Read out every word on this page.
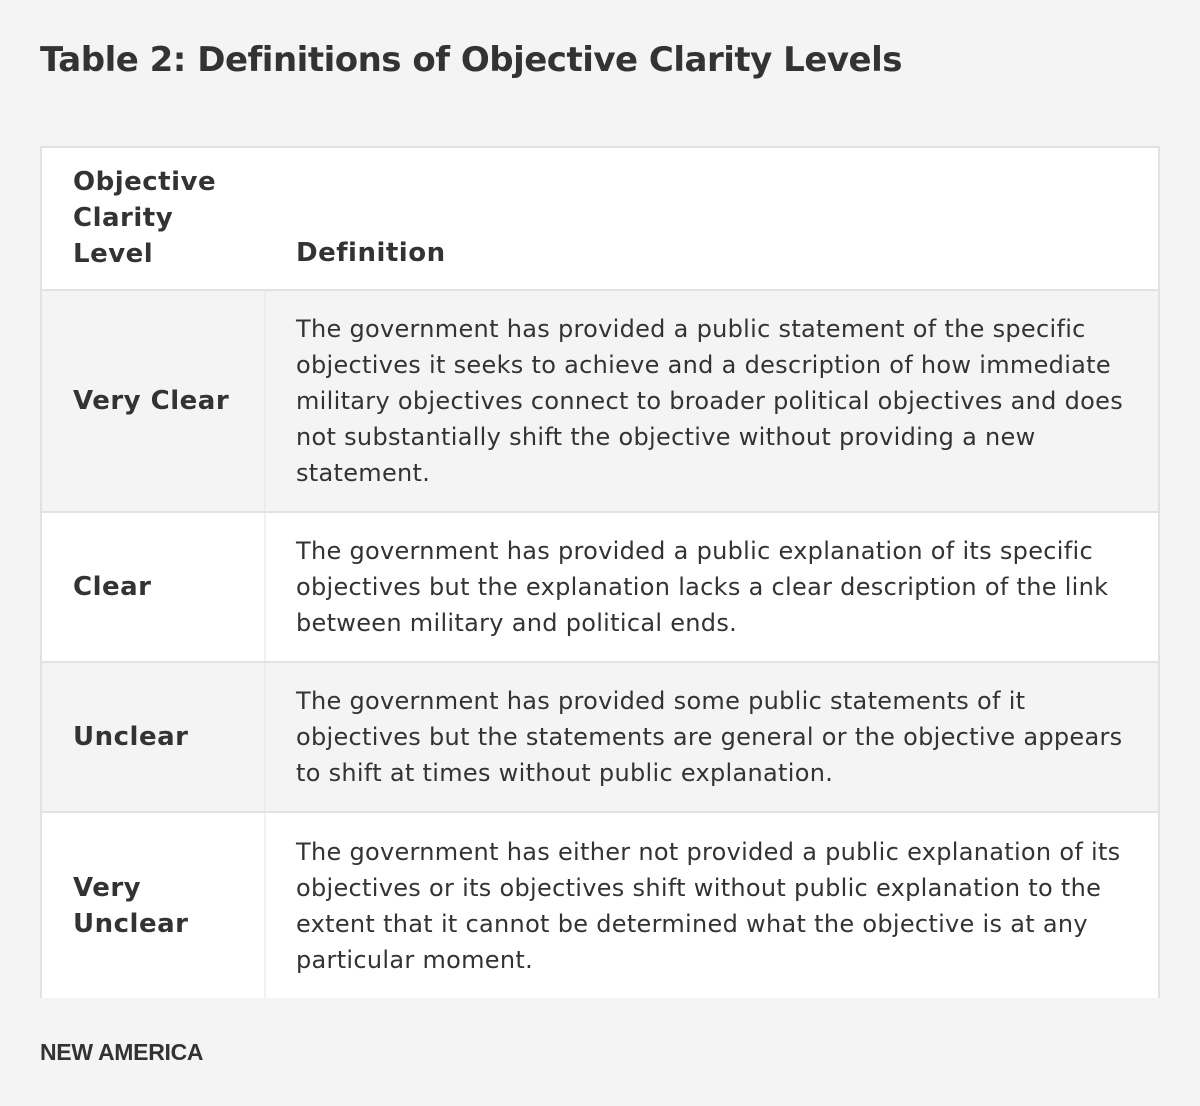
Table 2: Definitions of Objective Clarity Levels
Objective Clarity Level	Definition
Very Clear
The government has provided a public statement of the specific objectives it seeks to achieve and a description of how immediate military objectives connect to broader political objectives and does not substantially shift the objective without providing a new statement.
Clear
The government has provided a public explanation of its specific objectives but the explanation lacks a clear description of the link between military and political ends.
Unclear
The government has provided some public statements of it objectives but the statements are general or the objective appears to shift at times without public explanation.
Very Unclear
The government has either not provided a public explanation of its objectives or its objectives shift without public explanation to the extent that it cannot be determined what the objective is at any particular moment.
NEW AMERICA
